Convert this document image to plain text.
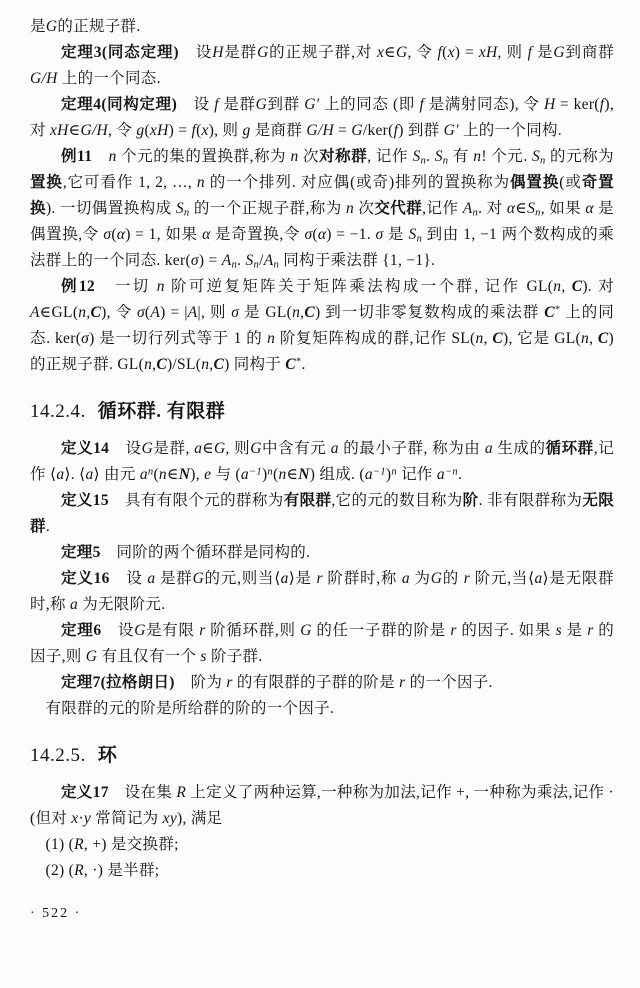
是G的正规子群.
定理3(同态定理)　设H是群G的正规子群,对 x∈G, 令 f(x) = xH, 则 f 是G到商群 G/H 上的一个同态.
定理4(同构定理)　设 f 是群G到群 G′ 上的同态 (即 f 是满射同态), 令 H = ker(f), 对 xH∈G/H, 令 g(xH) = f(x), 则 g 是商群 G/H = G/ker(f) 到群 G′ 上的一个同构.
例11　 n 个元的集的置换群,称为 n 次对称群, 记作 $S_n$. $S_n$ 有 n! 个元. $S_n$ 的元称为置换,它可看作 1, 2, …, n 的一个排列. 对应偶(或奇)排列的置换称为偶置换(或奇置换). 一切偶置换构成 $S_n$ 的一个正规子群,称为 n 次交代群,记作 $A_n$. 对 $\alpha\in S_n$, 如果 α 是偶置换,令 σ(α) = 1, 如果 α 是奇置换,令 σ(α) = −1. σ 是 $S_n$ 到由 1, −1 两个数构成的乘法群上的一个同态. $ker(\sigma) = A_n$. $S_n/A_n$ 同构于乘法群 {1, −1}.
例12　一切 n 阶可逆复矩阵关于矩阵乘法构成一个群, 记作 GL(n, C). 对 A∈GL(n,C), 令 σ(A) = |A|, 则 σ 是 GL(n,C) 到一切非零复数构成的乘法群 C* 上的同态. ker(σ) 是一切行列式等于 1 的 n 阶复矩阵构成的群,记作 SL(n, C), 它是 GL(n, C) 的正规子群. GL(n,C)/SL(n,C) 同构于 C*.
14.2.4. 循环群. 有限群
定义14　设G是群, a∈G, 则G中含有元 a 的最小子群, 称为由 a 生成的循环群,记作 ⟨a⟩. ⟨a⟩ 由元 $a^n(n\in N)$, e 与 $(a^{-1})^n(n\in N)$ 组成. $(a^{-1})^n$ 记作 $a^{-n}$.
定义15　具有有限个元的群称为有限群,它的元的数目称为阶. 非有限群称为无限群.
定理5　同阶的两个循环群是同构的.
定义16　设 a 是群G的元,则当⟨a⟩是 r 阶群时,称 a 为G的 r 阶元,当⟨a⟩是无限群时,称 a 为无限阶元.
定理6　设G是有限 r 阶循环群,则 G 的任一子群的阶是 r 的因子. 如果 s 是 r 的因子,则 G 有且仅有一个 s 阶子群.
定理7(拉格朗日)　阶为 r 的有限群的子群的阶是 r 的一个因子.
有限群的元的阶是所给群的阶的一个因子.
14.2.5. 环
定义17　设在集 R 上定义了两种运算,一种称为加法,记作 +, 一种称为乘法,记作 · (但对 x·y 常简记为 xy), 满足
(1) (R, +) 是交换群;
(2) (R, ·) 是半群;
· 522 ·
